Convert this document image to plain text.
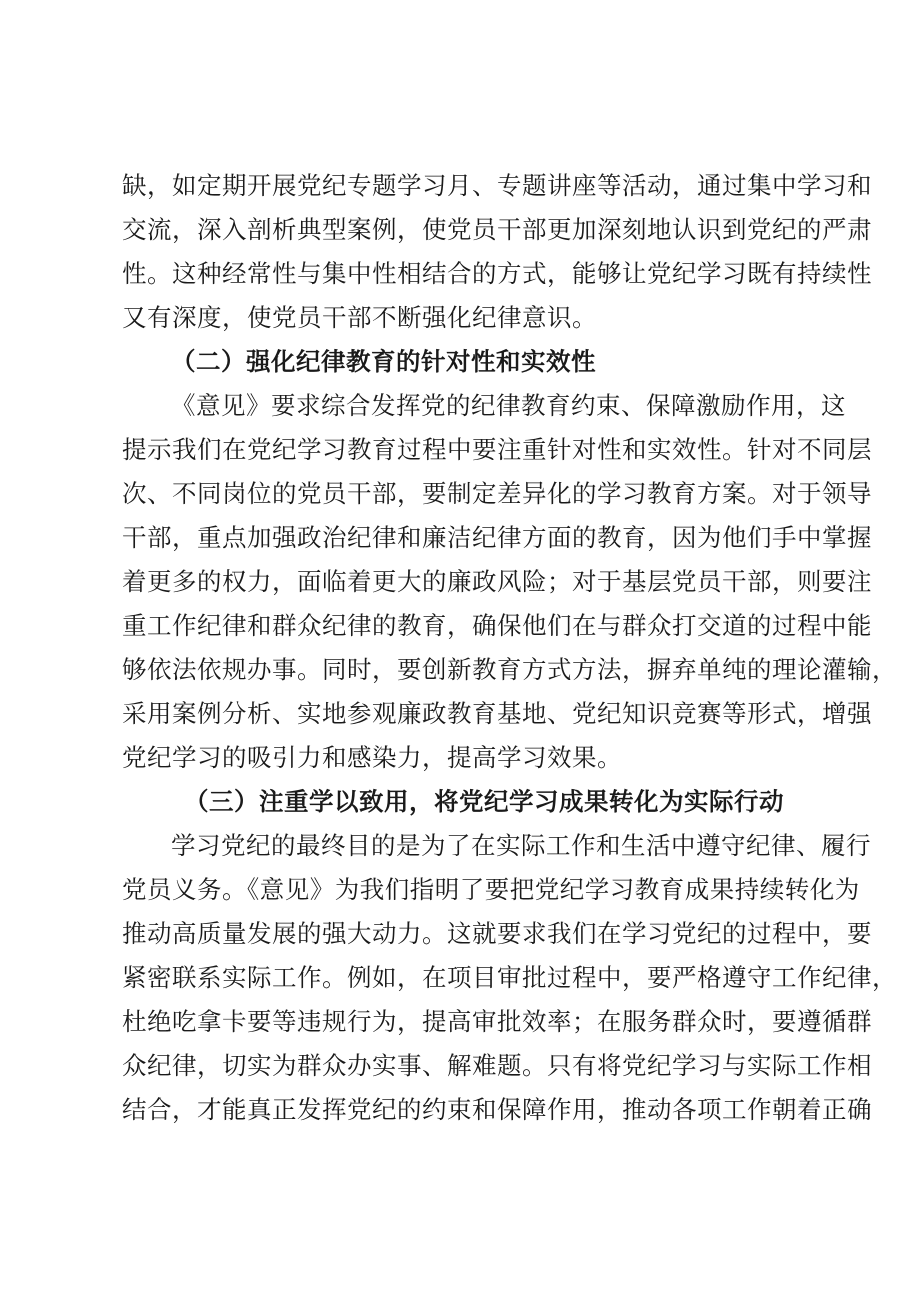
缺，如定期开展党纪专题学习月、专题讲座等活动，通过集中学习和
交流，深入剖析典型案例，使党员干部更加深刻地认识到党纪的严肃
性。这种经常性与集中性相结合的方式，能够让党纪学习既有持续性
又有深度，使党员干部不断强化纪律意识。
（二）强化纪律教育的针对性和实效性
《意见》要求综合发挥党的纪律教育约束、保障激励作用，这
提示我们在党纪学习教育过程中要注重针对性和实效性。针对不同层
次、不同岗位的党员干部，要制定差异化的学习教育方案。对于领导
干部，重点加强政治纪律和廉洁纪律方面的教育，因为他们手中掌握
着更多的权力，面临着更大的廉政风险；对于基层党员干部，则要注
重工作纪律和群众纪律的教育，确保他们在与群众打交道的过程中能
够依法依规办事。同时，要创新教育方式方法，摒弃单纯的理论灌输，
采用案例分析、实地参观廉政教育基地、党纪知识竞赛等形式，增强
党纪学习的吸引力和感染力，提高学习效果。
（三）注重学以致用，将党纪学习成果转化为实际行动
学习党纪的最终目的是为了在实际工作和生活中遵守纪律、履行
党员义务。《意见》为我们指明了要把党纪学习教育成果持续转化为
推动高质量发展的强大动力。这就要求我们在学习党纪的过程中，要
紧密联系实际工作。例如，在项目审批过程中，要严格遵守工作纪律，
杜绝吃拿卡要等违规行为，提高审批效率；在服务群众时，要遵循群
众纪律，切实为群众办实事、解难题。只有将党纪学习与实际工作相
结合，才能真正发挥党纪的约束和保障作用，推动各项工作朝着正确
